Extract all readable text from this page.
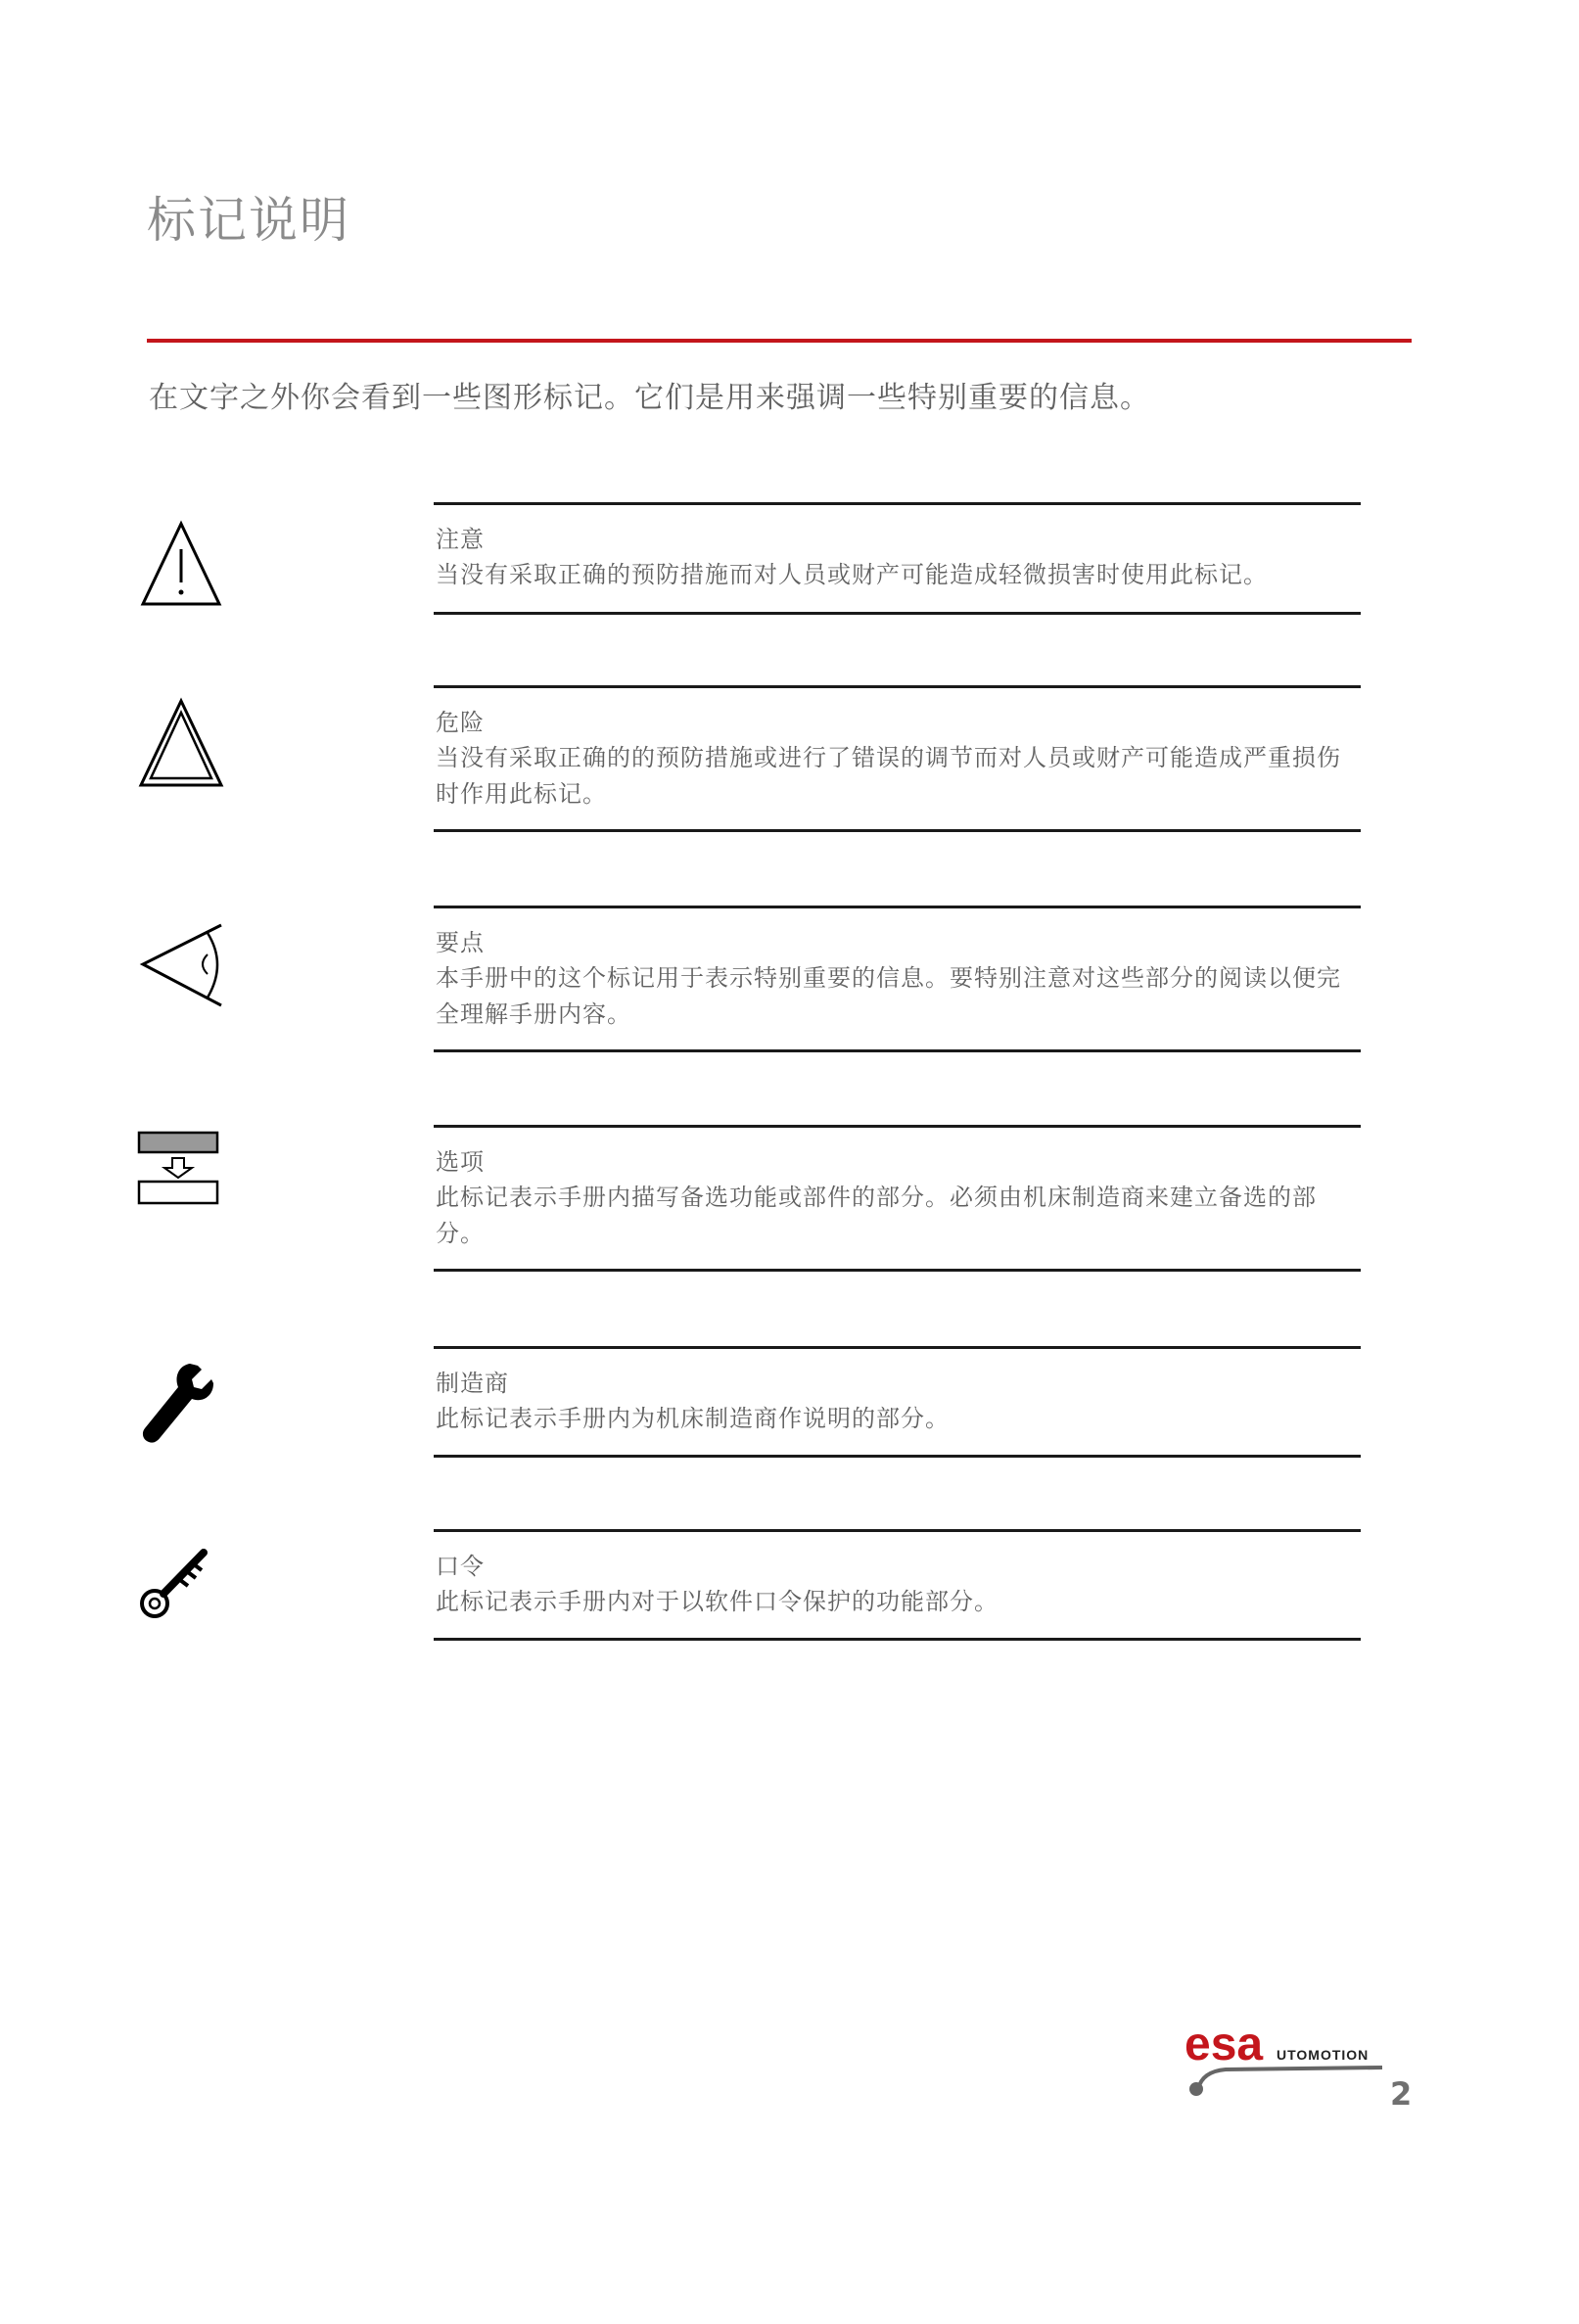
标记说明
在文字之外你会看到一些图形标记。它们是用来强调一些特别重要的信息。
注意
当没有采取正确的预防措施而对人员或财产可能造成轻微损害时使用此标记。
危险
当没有采取正确的的预防措施或进行了错误的调节而对人员或财产可能造成严重损伤时作用此标记。
要点
本手册中的这个标记用于表示特别重要的信息。要特别注意对这些部分的阅读以便完全理解手册内容。
选项
此标记表示手册内描写备选功能或部件的部分。必须由机床制造商来建立备选的部分。
制造商
此标记表示手册内为机床制造商作说明的部分。
口令
此标记表示手册内对于以软件口令保护的功能部分。
esa UTOMOTION
2
